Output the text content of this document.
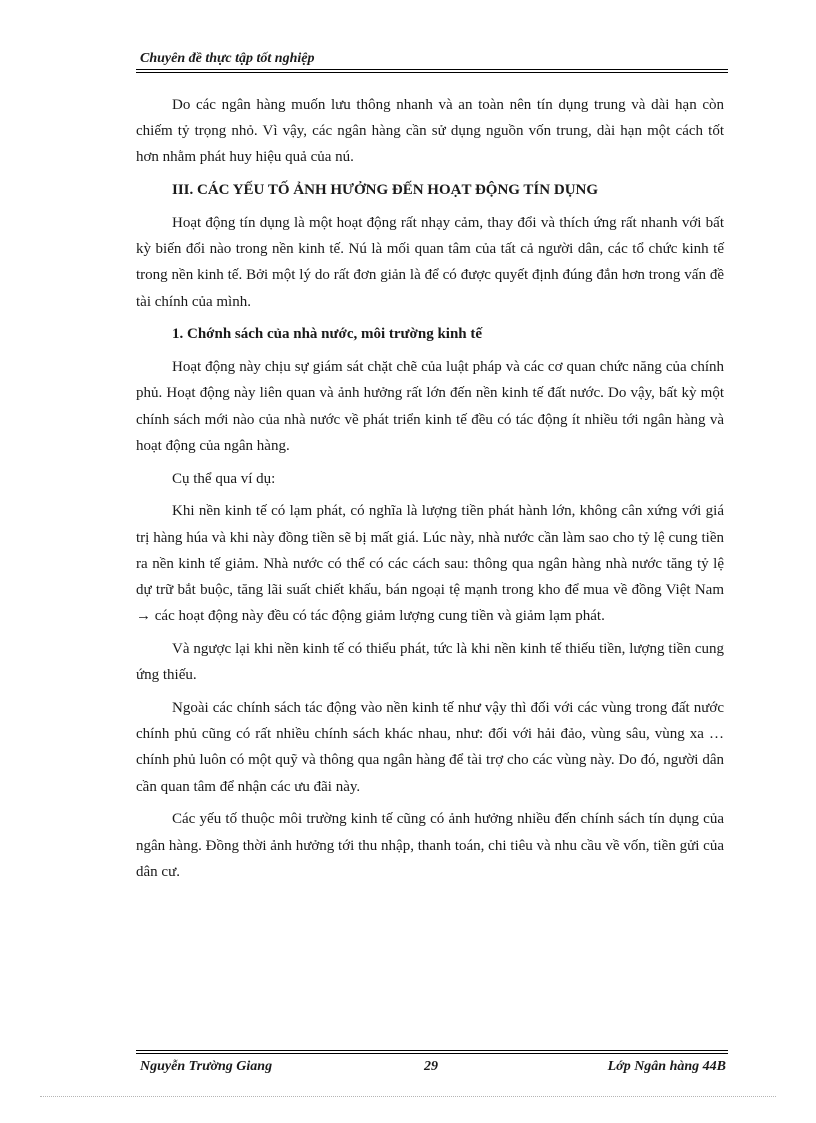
Chuyên đề thực tập tốt nghiệp

Do các ngân hàng muốn lưu thông nhanh và an toàn nên tín dụng trung và dài hạn còn chiếm tỷ trọng nhỏ. Vì vậy, các ngân hàng cần sử dụng nguồn vốn trung, dài hạn một cách tốt hơn nhằm phát huy hiệu quả của nú.

III. CÁC YẾU TỐ ẢNH HƯỞNG ĐẾN HOẠT ĐỘNG TÍN DỤNG

Hoạt động tín dụng là một hoạt động rất nhạy cảm, thay đổi và thích ứng rất nhanh với bất kỳ biến đổi nào trong nền kinh tế. Nú là mối quan tâm của tất cả người dân, các tổ chức kinh tế trong nền kinh tế. Bởi một lý do rất đơn giản là để có được quyết định đúng đắn hơn trong vấn đề tài chính của mình.

1. Chớnh sách của nhà nước, môi trường kinh tế

Hoạt động này chịu sự giám sát chặt chẽ của luật pháp và các cơ quan chức năng của chính phủ. Hoạt động này liên quan và ảnh hưởng rất lớn đến nền kinh tế đất nước. Do vậy, bất kỳ một chính sách mới nào của nhà nước về phát triển kinh tế đều có tác động ít nhiều tới ngân hàng và hoạt động của ngân hàng.

Cụ thể qua ví dụ:

Khi nền kinh tế có lạm phát, có nghĩa là lượng tiền phát hành lớn, không cân xứng với giá trị hàng húa và khi này đồng tiền sẽ bị mất giá. Lúc này, nhà nước cần làm sao cho tỷ lệ cung tiền ra nền kinh tế giảm. Nhà nước có thể có các cách sau: thông qua ngân hàng nhà nước tăng tỷ lệ dự trữ bắt buộc, tăng lãi suất chiết khấu, bán ngoại tệ mạnh trong kho để mua về đồng Việt Nam → các hoạt động này đều có tác động giảm lượng cung tiền và giảm lạm phát.

Và ngược lại khi nền kinh tế có thiểu phát, tức là khi nền kinh tế thiếu tiền, lượng tiền cung ứng thiếu.

Ngoài các chính sách tác động vào nền kinh tế như vậy thì đối với các vùng trong đất nước chính phủ cũng có rất nhiều chính sách khác nhau, như: đối với hải đảo, vùng sâu, vùng xa … chính phủ luôn có một quỹ và thông qua ngân hàng để tài trợ cho các vùng này. Do đó, người dân cần quan tâm để nhận các ưu đãi này.

Các yếu tố thuộc môi trường kinh tế cũng có ảnh hưởng nhiều đến chính sách tín dụng của ngân hàng. Đồng thời ảnh hưởng tới thu nhập, thanh toán, chi tiêu và nhu cầu về vốn, tiền gửi của dân cư.

Nguyễn Trường Giang	29	Lớp Ngân hàng 44B
